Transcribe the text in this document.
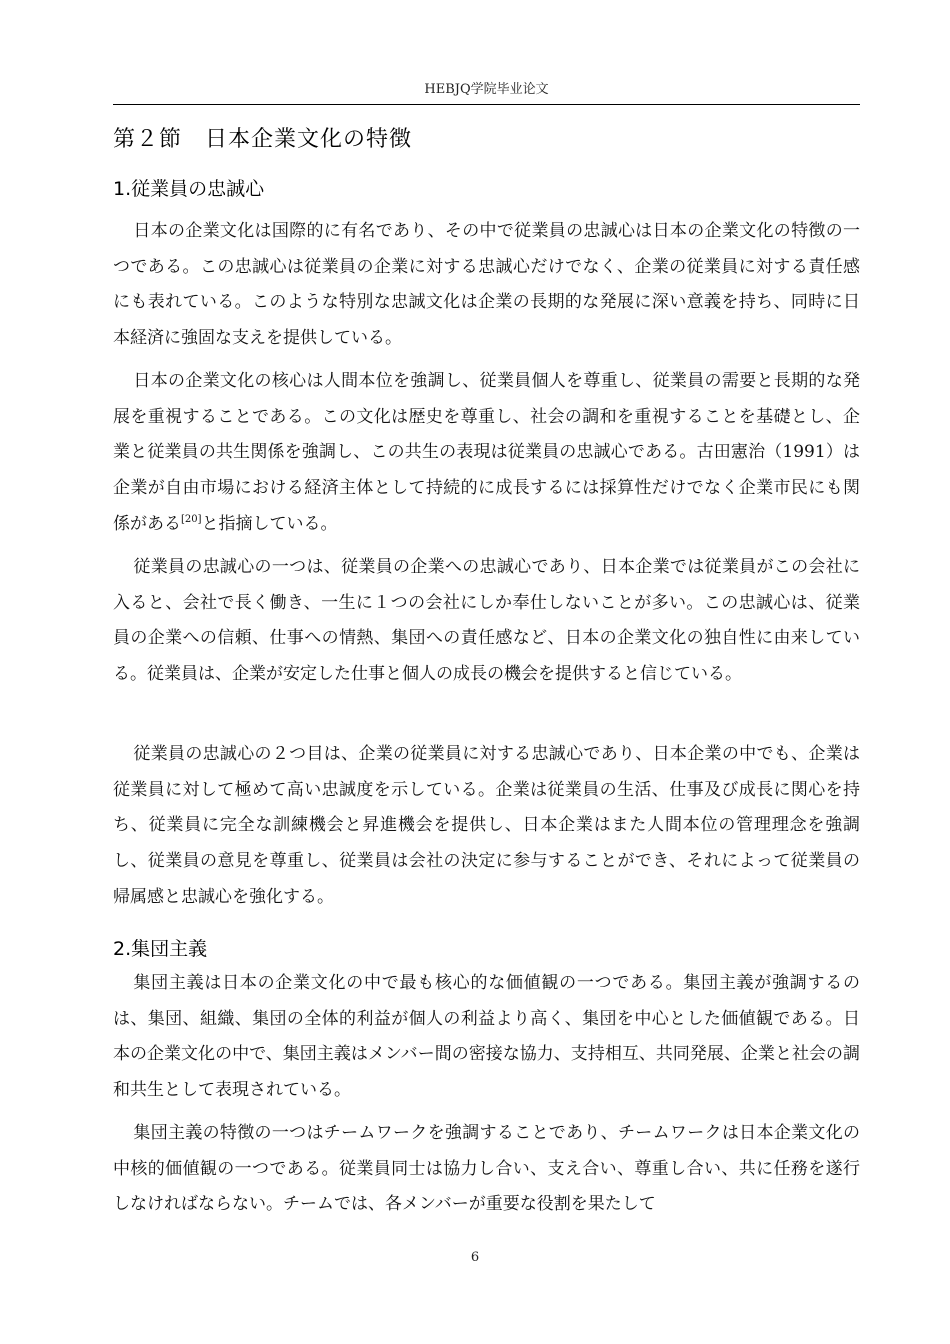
HEBJQ学院毕业论文
第２節　日本企業文化の特徴
1.従業員の忠誠心

日本の企業文化は国際的に有名であり、その中で従業員の忠誠心は日本の企業文化の特徴の一つである。この忠誠心は従業員の企業に対する忠誠心だけでなく、企業の従業員に対する責任感にも表れている。このような特別な忠誠文化は企業の長期的な発展に深い意義を持ち、同時に日本経済に強固な支えを提供している。

日本の企業文化の核心は人間本位を強調し、従業員個人を尊重し、従業員の需要と長期的な発展を重視することである。この文化は歴史を尊重し、社会の調和を重視することを基礎とし、企業と従業員の共生関係を強調し、この共生の表現は従業員の忠誠心である。古田憲治（1991）は企業が自由市場における経済主体として持続的に成長するには採算性だけでなく企業市民にも関係がある[20]と指摘している。

従業員の忠誠心の一つは、従業員の企業への忠誠心であり、日本企業では従業員がこの会社に入ると、会社で長く働き、一生に１つの会社にしか奉仕しないことが多い。この忠誠心は、従業員の企業への信頼、仕事への情熱、集団への責任感など、日本の企業文化の独自性に由来している。従業員は、企業が安定した仕事と個人の成長の機会を提供すると信じている。

従業員の忠誠心の２つ目は、企業の従業員に対する忠誠心であり、日本企業の中でも、企業は従業員に対して極めて高い忠誠度を示している。企業は従業員の生活、仕事及び成長に関心を持ち、従業員に完全な訓練機会と昇進機会を提供し、日本企業はまた人間本位の管理理念を強調し、従業員の意見を尊重し、従業員は会社の決定に参与することができ、それによって従業員の帰属感と忠誠心を強化する。

2.集団主義

集団主義は日本の企業文化の中で最も核心的な価値観の一つである。集団主義が強調するのは、集団、組織、集団の全体的利益が個人の利益より高く、集団を中心とした価値観である。日本の企業文化の中で、集団主義はメンバー間の密接な協力、支持相互、共同発展、企業と社会の調和共生として表現されている。

集団主義の特徴の一つはチームワークを強調することであり、チームワークは日本企業文化の中核的価値観の一つである。従業員同士は協力し合い、支え合い、尊重し合い、共に任務を遂行しなければならない。チームでは、各メンバーが重要な役割を果たして

6
